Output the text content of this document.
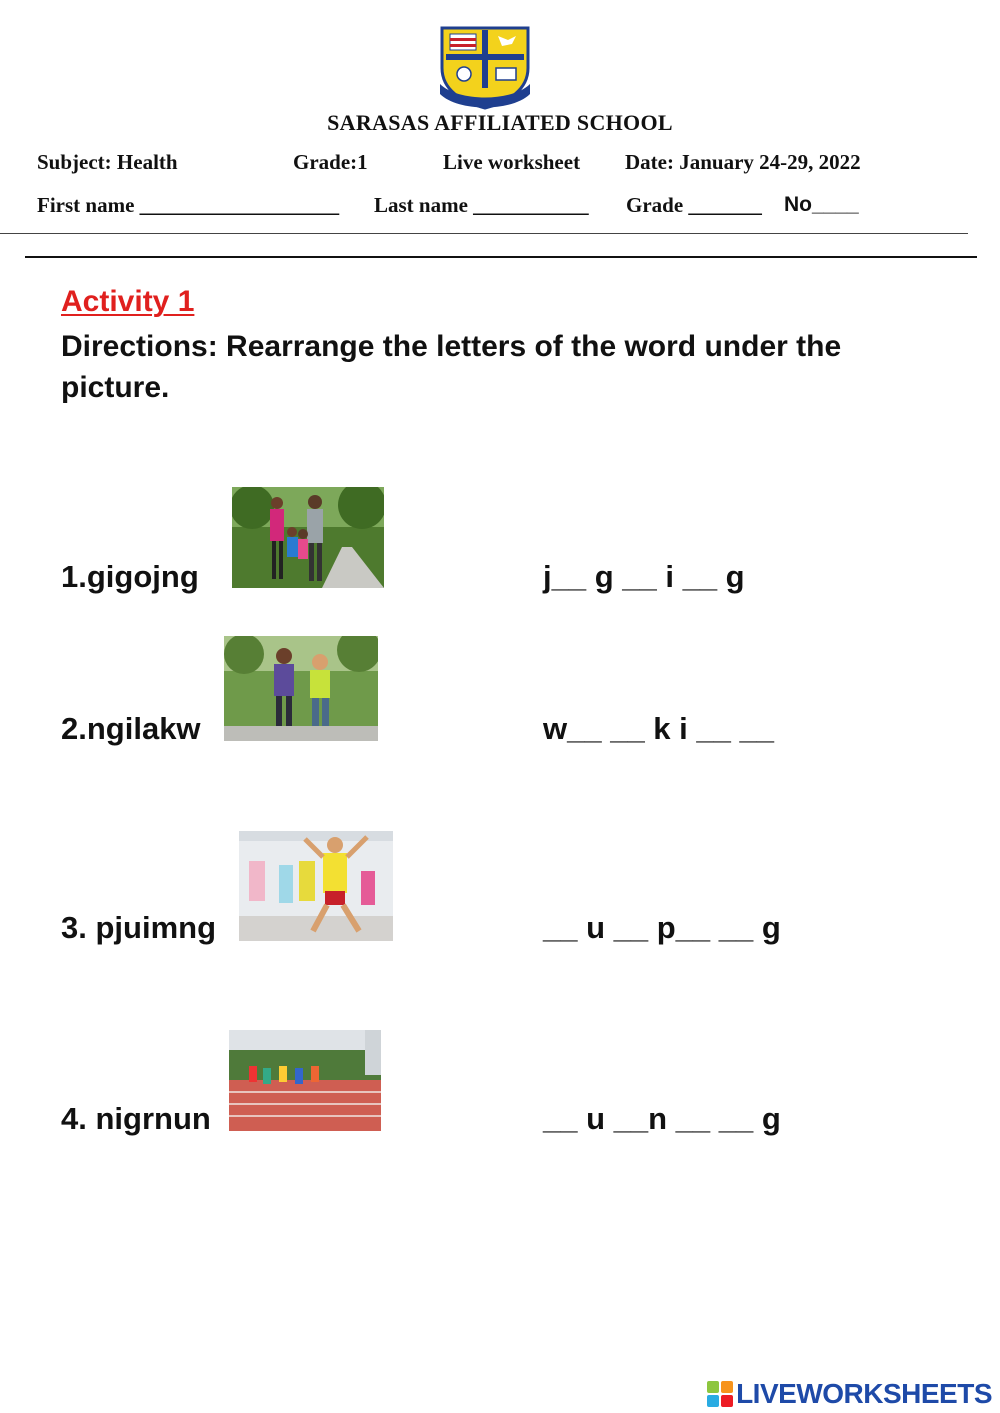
SARASAS AFFILIATED SCHOOL
Subject: Health	Grade:1	Live worksheet Date: January 24-29, 2022
First name ___________________ Last name ___________ Grade _______ No____
Activity 1
Directions: Rearrange the letters of the word under the picture.
1.gigojng	j__ g __ i __ g
2.ngilakw	w__ __ k i __ __
3. pjuimng	__ u __ p__ __ g
4. nigrnun	__ u __n __ __ g
LIVEWORKSHEETS
